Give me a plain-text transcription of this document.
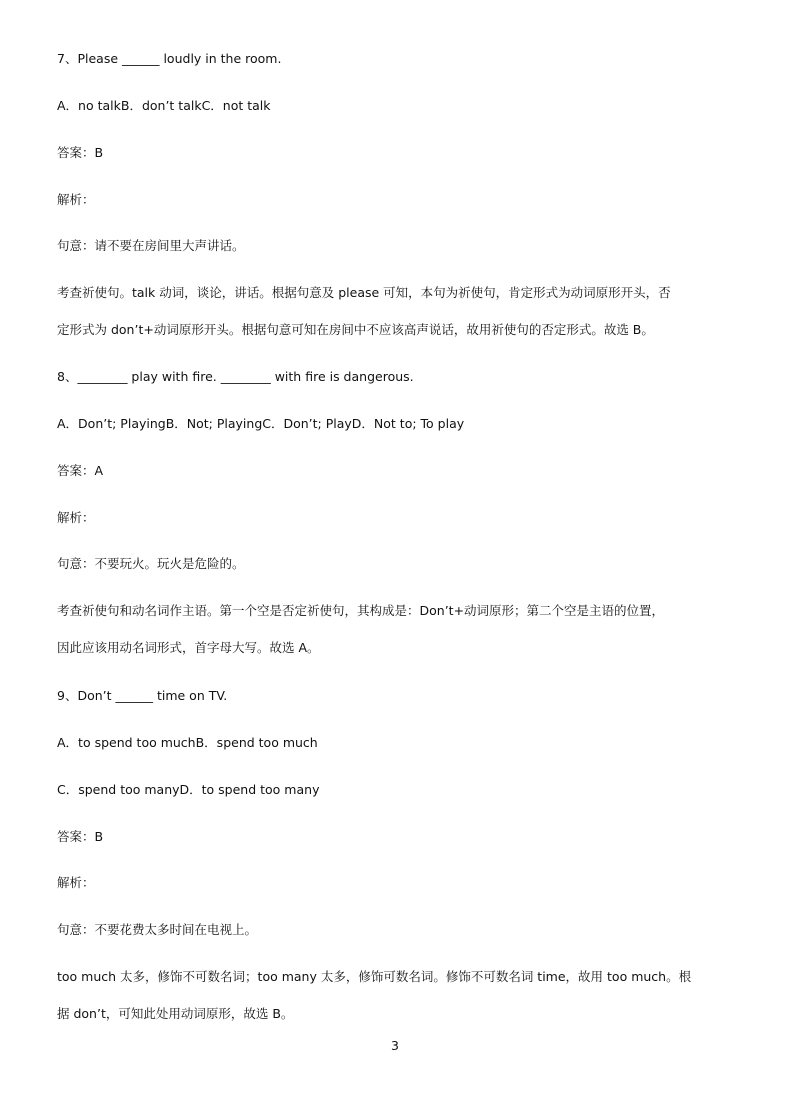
7、Please ______ loudly in the room.
A．no talkB．don’t talkC．not talk
答案：B
解析：
句意：请不要在房间里大声讲话。
考查祈使句。talk 动词，谈论，讲话。根据句意及 please 可知，本句为祈使句，肯定形式为动词原形开头，否
定形式为 don’t+动词原形开头。根据句意可知在房间中不应该高声说话，故用祈使句的否定形式。故选 B。
8、________ play with fire. ________ with fire is dangerous.
A．Don’t; PlayingB．Not; PlayingC．Don’t; PlayD．Not to; To play
答案：A
解析：
句意：不要玩火。玩火是危险的。
考查祈使句和动名词作主语。第一个空是否定祈使句，其构成是：Don’t+动词原形；第二个空是主语的位置，
因此应该用动名词形式，首字母大写。故选 A。
9、Don’t ______ time on TV.
A．to spend too muchB．spend too much
C．spend too manyD．to spend too many
答案：B
解析：
句意：不要花费太多时间在电视上。
too much 太多，修饰不可数名词；too many 太多，修饰可数名词。修饰不可数名词 time，故用 too much。根
据 don’t，可知此处用动词原形，故选 B。
3
